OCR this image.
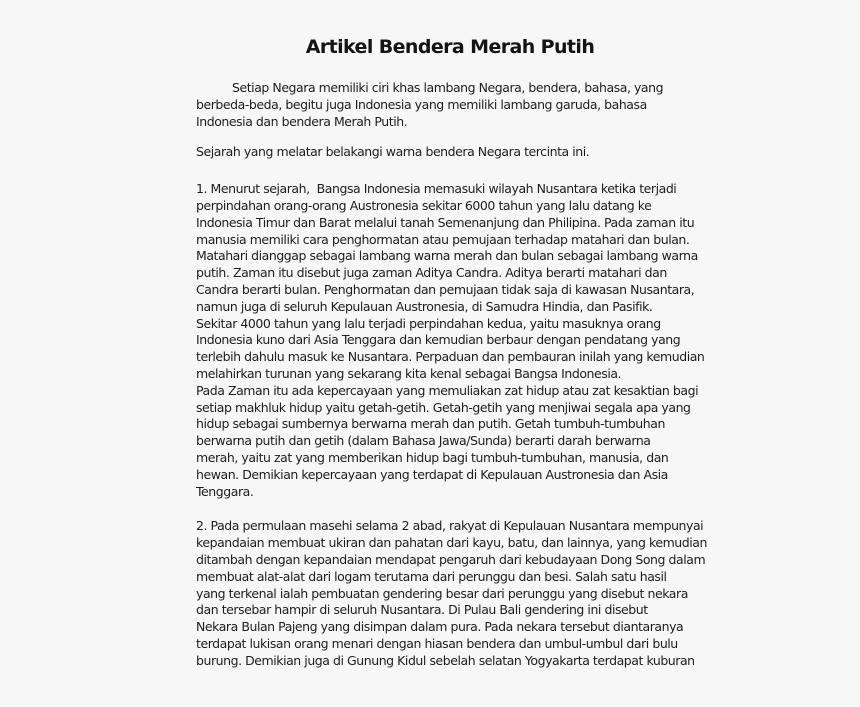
Artikel Bendera Merah Putih
Setiap Negara memiliki ciri khas lambang Negara, bendera, bahasa, yang
berbeda-beda, begitu juga Indonesia yang memiliki lambang garuda, bahasa
Indonesia dan bendera Merah Putih.
Sejarah yang melatar belakangi warna bendera Negara tercinta ini.
1. Menurut sejarah,  Bangsa Indonesia memasuki wilayah Nusantara ketika terjadi
perpindahan orang-orang Austronesia sekitar 6000 tahun yang lalu datang ke
Indonesia Timur dan Barat melalui tanah Semenanjung dan Philipina. Pada zaman itu
manusia memiliki cara penghormatan atau pemujaan terhadap matahari dan bulan.
Matahari dianggap sebagai lambang warna merah dan bulan sebagai lambang warna
putih. Zaman itu disebut juga zaman Aditya Candra. Aditya berarti matahari dan
Candra berarti bulan. Penghormatan dan pemujaan tidak saja di kawasan Nusantara,
namun juga di seluruh Kepulauan Austronesia, di Samudra Hindia, dan Pasifik.
Sekitar 4000 tahun yang lalu terjadi perpindahan kedua, yaitu masuknya orang
Indonesia kuno dari Asia Tenggara dan kemudian berbaur dengan pendatang yang
terlebih dahulu masuk ke Nusantara. Perpaduan dan pembauran inilah yang kemudian
melahirkan turunan yang sekarang kita kenal sebagai Bangsa Indonesia.
Pada Zaman itu ada kepercayaan yang memuliakan zat hidup atau zat kesaktian bagi
setiap makhluk hidup yaitu getah-getih. Getah-getih yang menjiwai segala apa yang
hidup sebagai sumbernya berwarna merah dan putih. Getah tumbuh-tumbuhan
berwarna putih dan getih (dalam Bahasa Jawa/Sunda) berarti darah berwarna
merah, yaitu zat yang memberikan hidup bagi tumbuh-tumbuhan, manusia, dan
hewan. Demikian kepercayaan yang terdapat di Kepulauan Austronesia dan Asia
Tenggara.
2. Pada permulaan masehi selama 2 abad, rakyat di Kepulauan Nusantara mempunyai
kepandaian membuat ukiran dan pahatan dari kayu, batu, dan lainnya, yang kemudian
ditambah dengan kepandaian mendapat pengaruh dari kebudayaan Dong Song dalam
membuat alat-alat dari logam terutama dari perunggu dan besi. Salah satu hasil
yang terkenal ialah pembuatan gendering besar dari perunggu yang disebut nekara
dan tersebar hampir di seluruh Nusantara. Di Pulau Bali gendering ini disebut
Nekara Bulan Pajeng yang disimpan dalam pura. Pada nekara tersebut diantaranya
terdapat lukisan orang menari dengan hiasan bendera dan umbul-umbul dari bulu
burung. Demikian juga di Gunung Kidul sebelah selatan Yogyakarta terdapat kuburan
